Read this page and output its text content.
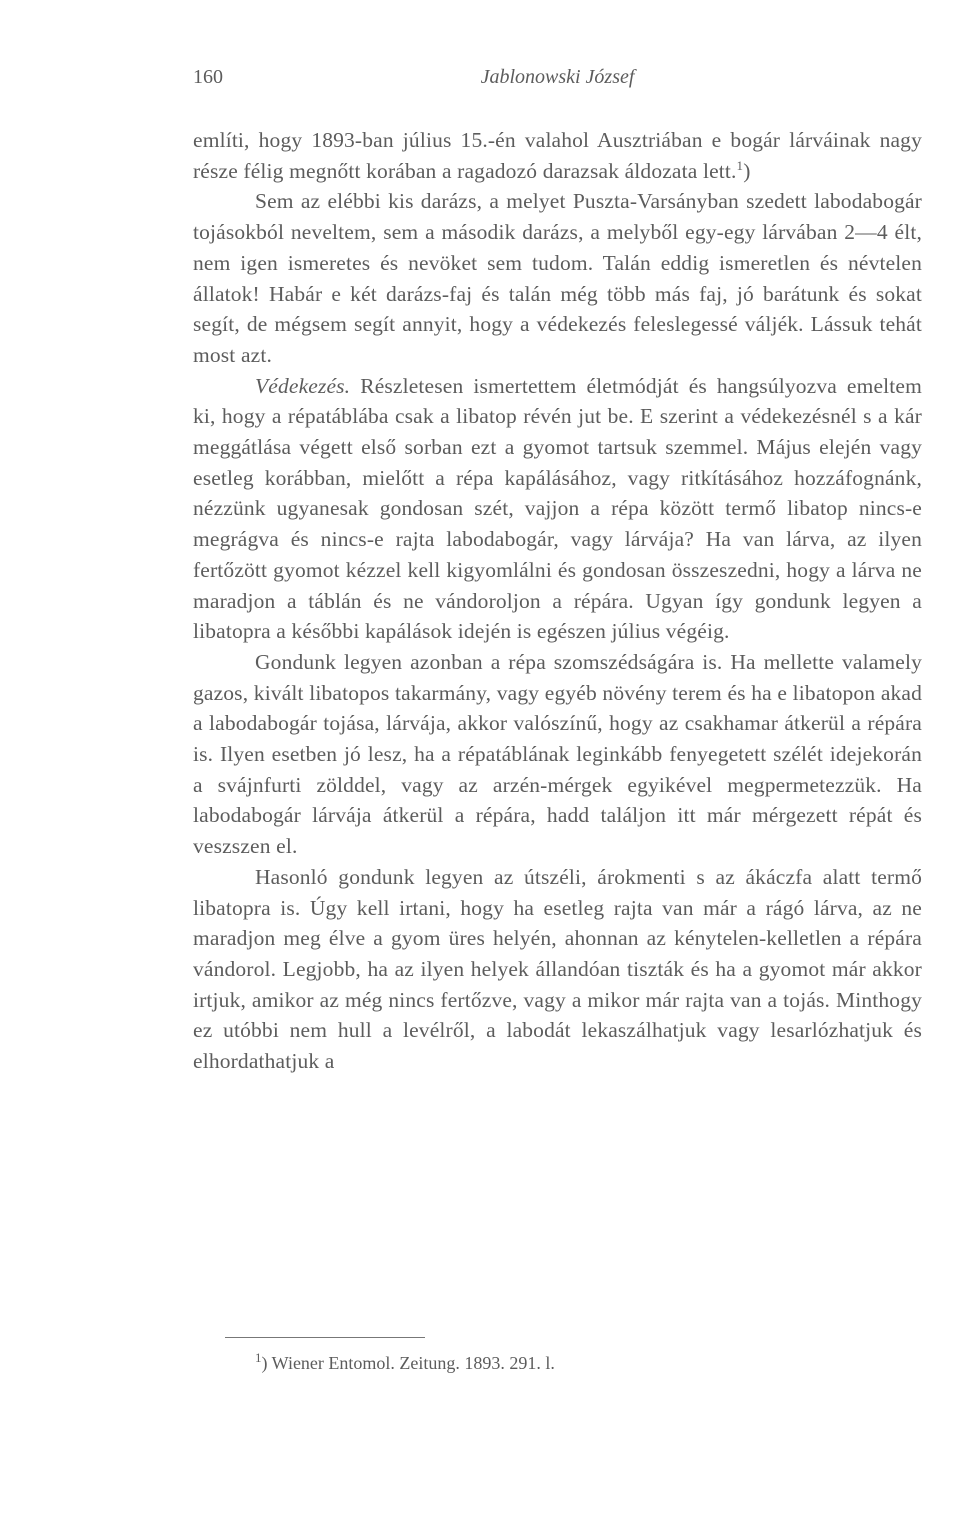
160	Jablonowski József

említi, hogy 1893-ban július 15.-én valahol Ausztriában e bogár lárváinak nagy része félig megnőtt korában a ragadozó darazsak áldozata lett.$^1$)

Sem az elébbi kis darázs, a melyet Puszta-Varsányban szedett labodabogár tojásokból neveltem, sem a második darázs, a melyből egy-egy lárvában 2—4 élt, nem igen ismeretes és nevöket sem tudom. Talán eddig ismeretlen és névtelen állatok! Habár e két darázs-faj és talán még több más faj, jó barátunk és sokat segít, de mégsem segít annyit, hogy a védekezés feleslegessé váljék. Lássuk tehát most azt.

Védekezés. Részletesen ismertettem életmódját és hangsúlyozva emeltem ki, hogy a répatáblába csak a libatop révén jut be. E szerint a védekezésnél s a kár meggátlása végett első sorban ezt a gyomot tartsuk szemmel. Május elején vagy esetleg korábban, mielőtt a répa kapálásához, vagy ritkításához hozzáfognánk, nézzünk ugyanesak gondosan szét, vajjon a répa között termő libatop nincs-e megrágva és nincs-e rajta labodabogár, vagy lárvája? Ha van lárva, az ilyen fertőzött gyomot kézzel kell kigyomlálni és gondosan összeszedni, hogy a lárva ne maradjon a táblán és ne vándoroljon a répára. Ugyan így gondunk legyen a libatopra a későbbi kapálások idején is egészen július végéig.

Gondunk legyen azonban a répa szomszédságára is. Ha mellette valamely gazos, kivált libatopos takarmány, vagy egyéb növény terem és ha e libatopon akad a labodabogár tojása, lárvája, akkor valószínű, hogy az csakhamar átkerül a répára is. Ilyen esetben jó lesz, ha a répatáblának leginkább fenyegetett szélét idejekorán a svájnfurti zölddel, vagy az arzén-mérgek egyikével megpermetezzük. Ha labodabogár lárvája átkerül a répára, hadd találjon itt már mérgezett répát és veszszen el.

Hasonló gondunk legyen az útszéli, árokmenti s az ákáczfa alatt termő libatopra is. Úgy kell irtani, hogy ha esetleg rajta van már a rágó lárva, az ne maradjon meg élve a gyom üres helyén, ahonnan az kénytelen-kelletlen a répára vándorol. Legjobb, ha az ilyen helyek állandóan tiszták és ha a gyomot már akkor irtjuk, amikor az még nincs fertőzve, vagy a mikor már rajta van a tojás. Minthogy ez utóbbi nem hull a levélről, a labodát lekaszálhatjuk vagy lesarlózhatjuk és elhordathatjuk a

$^1$) Wiener Entomol. Zeitung. 1893. 291. l.
